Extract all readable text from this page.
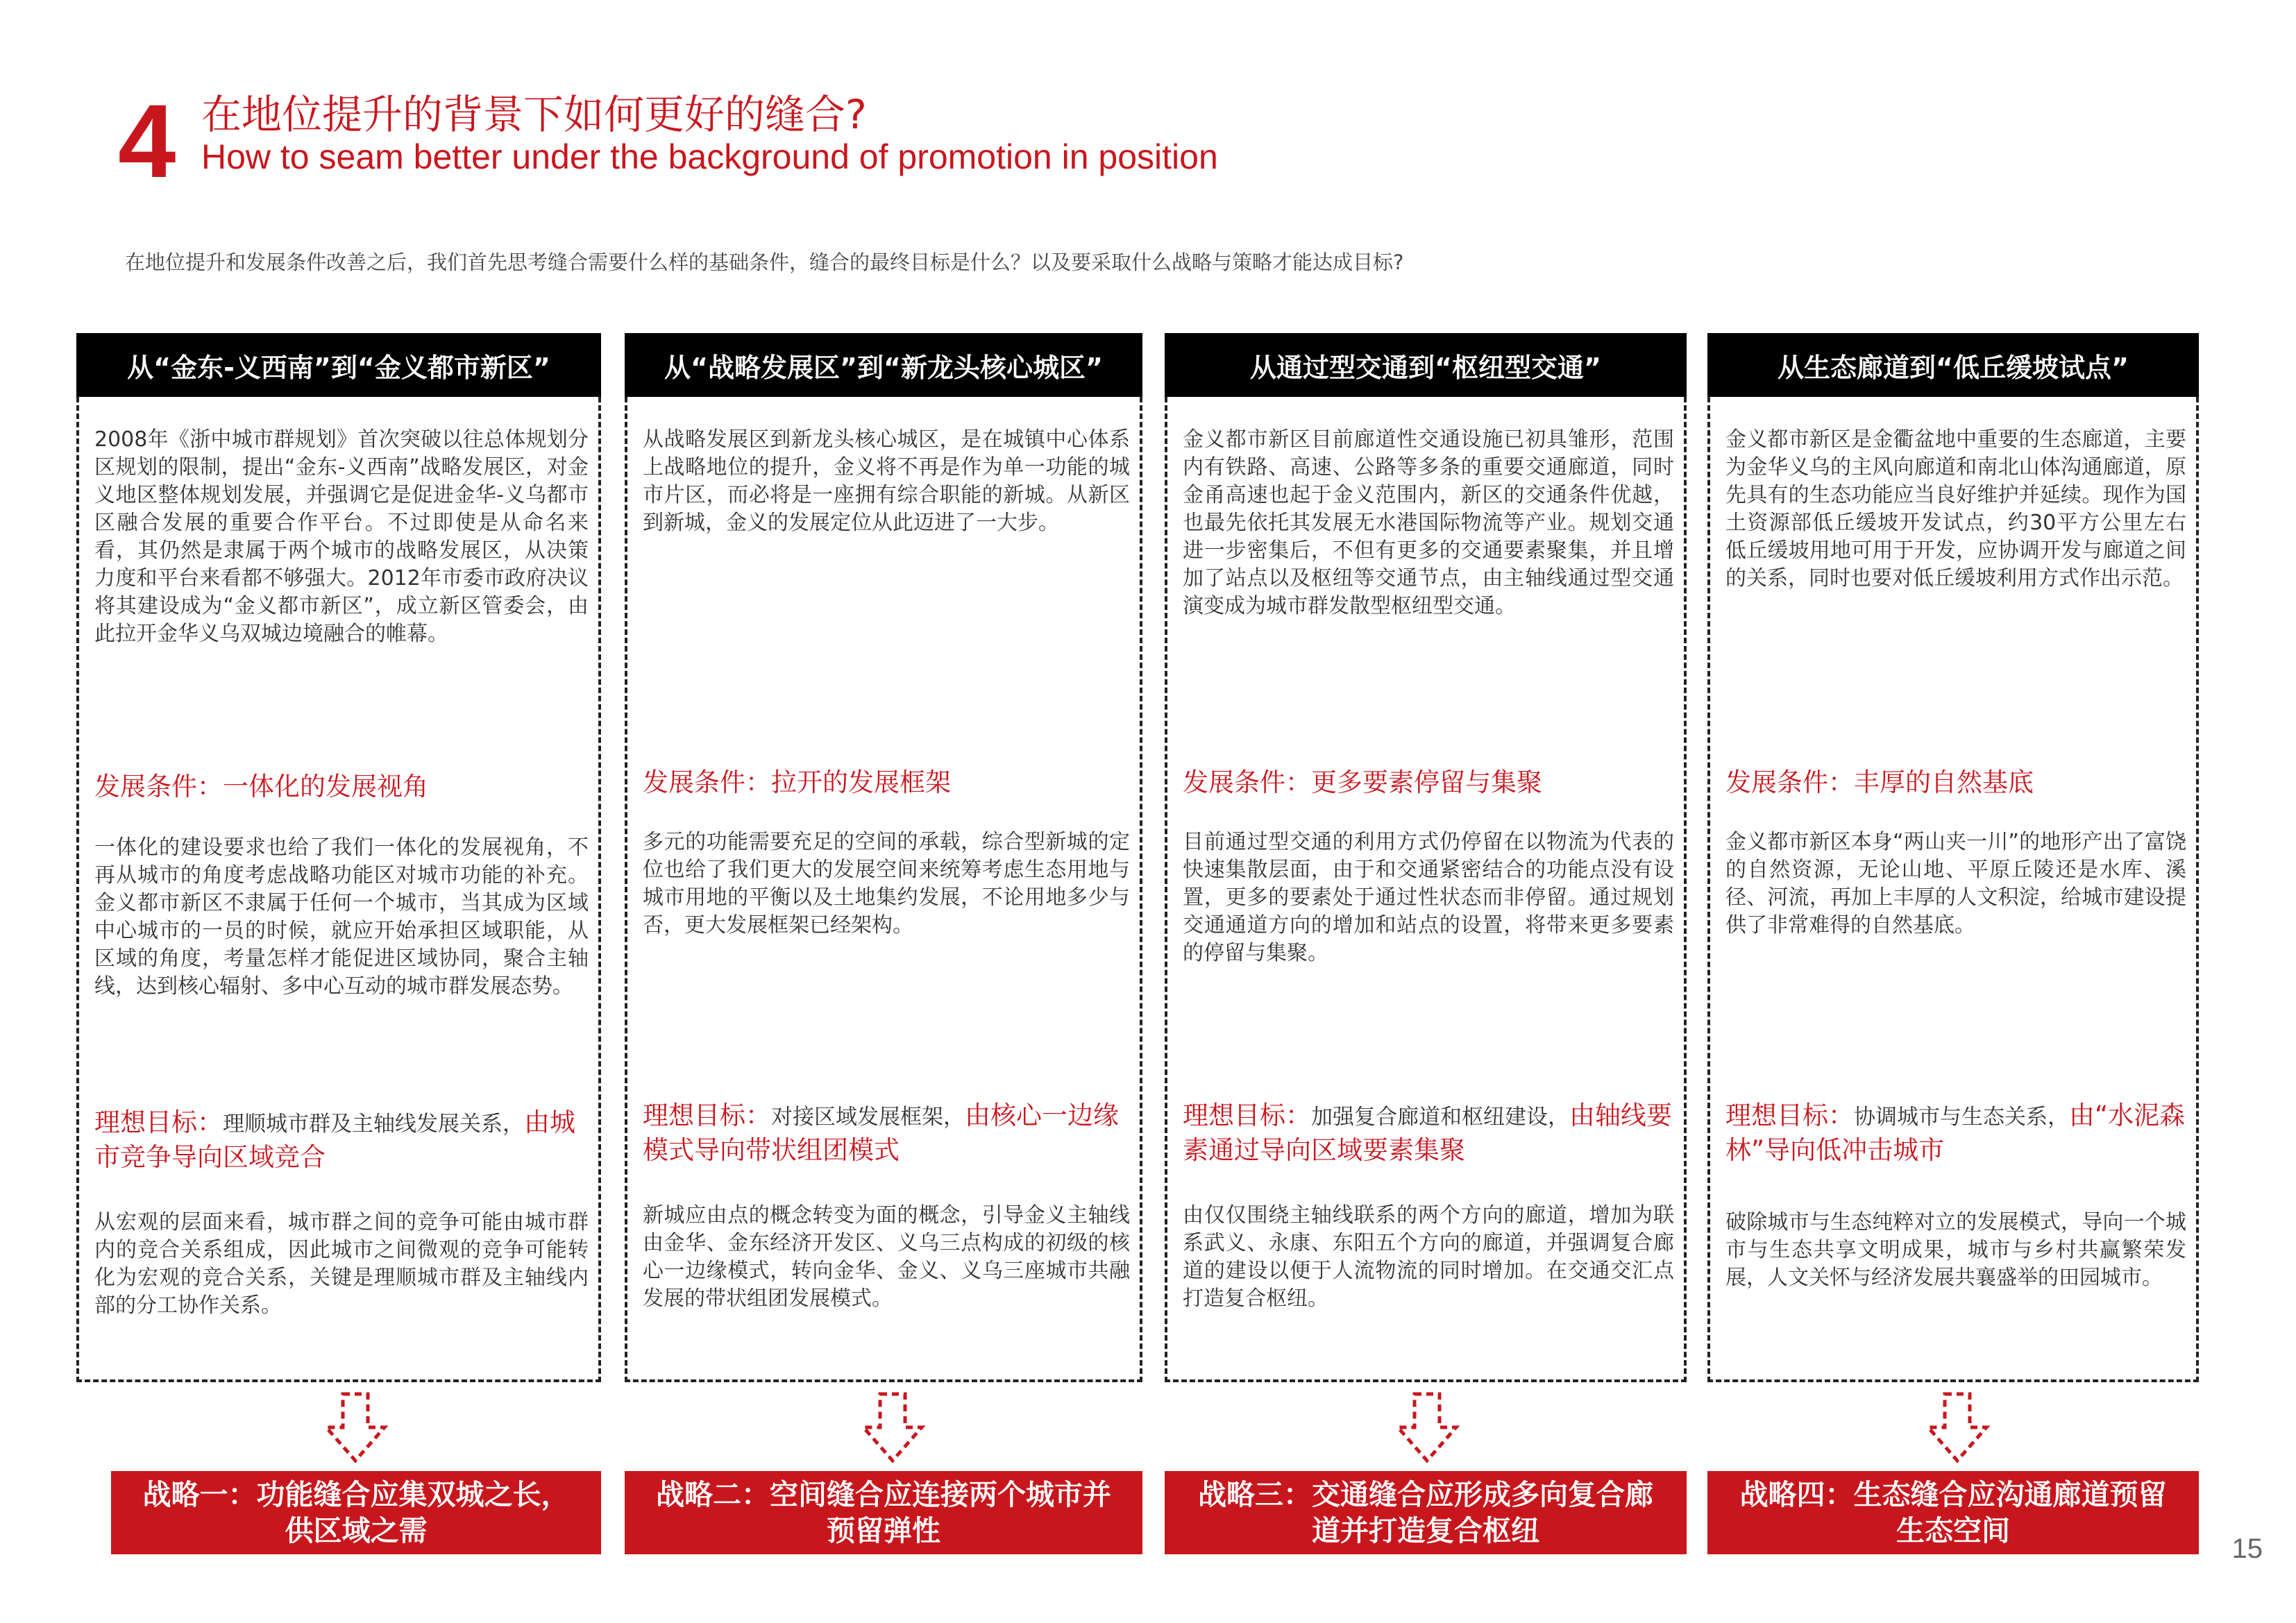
4 在地位提升的背景下如何更好的缝合?
How to seam better under the background of promotion in position
在地位提升和发展条件改善之后，我们首先思考缝合需要什么样的基础条件，缝合的最终目标是什么？以及要采取什么战略与策略才能达成目标?
从“金东-义西南”到“金义都市新区”
2008年《浙中城市群规划》首次突破以往总体规划分区规划的限制，提出“金东-义西南”战略发展区，对金义地区整体规划发展，并强调它是促进金华-义乌都市区融合发展的重要合作平台。不过即使是从命名来看，其仍然是隶属于两个城市的战略发展区，从决策力度和平台来看都不够强大。2012年市委市政府决议将其建设成为“金义都市新区”，成立新区管委会，由此拉开金华义乌双城边境融合的帷幕。
发展条件：一体化的发展视角
一体化的建设要求也给了我们一体化的发展视角，不再从城市的角度考虑战略功能区对城市功能的补充。金义都市新区不隶属于任何一个城市，当其成为区域中心城市的一员的时候，就应开始承担区域职能，从区域的角度，考量怎样才能促进区域协同，聚合主轴线，达到核心辐射、多中心互动的城市群发展态势。
理想目标：理顺城市群及主轴线发展关系，由城市竞争导向区域竞合
从宏观的层面来看，城市群之间的竞争可能由城市群内的竞合关系组成，因此城市之间微观的竞争可能转化为宏观的竞合关系，关键是理顺城市群及主轴线内部的分工协作关系。
从“战略发展区”到“新龙头核心城区”
从战略发展区到新龙头核心城区，是在城镇中心体系上战略地位的提升，金义将不再是作为单一功能的城市片区，而必将是一座拥有综合职能的新城。从新区到新城，金义的发展定位从此迈进了一大步。
发展条件：拉开的发展框架
多元的功能需要充足的空间的承载，综合型新城的定位也给了我们更大的发展空间来统筹考虑生态用地与城市用地的平衡以及土地集约发展，不论用地多少与否，更大发展框架已经架构。
理想目标：对接区域发展框架，由核心一边缘模式导向带状组团模式
新城应由点的概念转变为面的概念，引导金义主轴线由金华、金东经济开发区、义乌三点构成的初级的核心一边缘模式，转向金华、金义、义乌三座城市共融发展的带状组团发展模式。
从通过型交通到“枢纽型交通”
金义都市新区目前廊道性交通设施已初具雏形，范围内有铁路、高速、公路等多条的重要交通廊道，同时金甬高速也起于金义范围内，新区的交通条件优越，也最先依托其发展无水港国际物流等产业。规划交通进一步密集后，不但有更多的交通要素聚集，并且增加了站点以及枢纽等交通节点，由主轴线通过型交通演变成为城市群发散型枢纽型交通。
发展条件：更多要素停留与集聚
目前通过型交通的利用方式仍停留在以物流为代表的快速集散层面，由于和交通紧密结合的功能点没有设置，更多的要素处于通过性状态而非停留。通过规划交通通道方向的增加和站点的设置，将带来更多要素的停留与集聚。
理想目标：加强复合廊道和枢纽建设，由轴线要素通过导向区域要素集聚
由仅仅围绕主轴线联系的两个方向的廊道，增加为联系武义、永康、东阳五个方向的廊道，并强调复合廊道的建设以便于人流物流的同时增加。在交通交汇点打造复合枢纽。
从生态廊道到“低丘缓坡试点”
金义都市新区是金衢盆地中重要的生态廊道，主要为金华义乌的主风向廊道和南北山体沟通廊道，原先具有的生态功能应当良好维护并延续。现作为国土资源部低丘缓坡开发试点，约30平方公里左右低丘缓坡用地可用于开发，应协调开发与廊道之间的关系，同时也要对低丘缓坡利用方式作出示范。
发展条件：丰厚的自然基底
金义都市新区本身“两山夹一川”的地形产出了富饶的自然资源，无论山地、平原丘陵还是水库、溪径、河流，再加上丰厚的人文积淀，给城市建设提供了非常难得的自然基底。
理想目标：协调城市与生态关系，由“水泥森林”导向低冲击城市
破除城市与生态纯粹对立的发展模式，导向一个城市与生态共享文明成果，城市与乡村共赢繁荣发展，人文关怀与经济发展共襄盛举的田园城市。
战略一：功能缝合应集双城之长，供区域之需
战略二：空间缝合应连接两个城市并预留弹性
战略三：交通缝合应形成多向复合廊道并打造复合枢纽
战略四：生态缝合应沟通廊道预留生态空间
15
